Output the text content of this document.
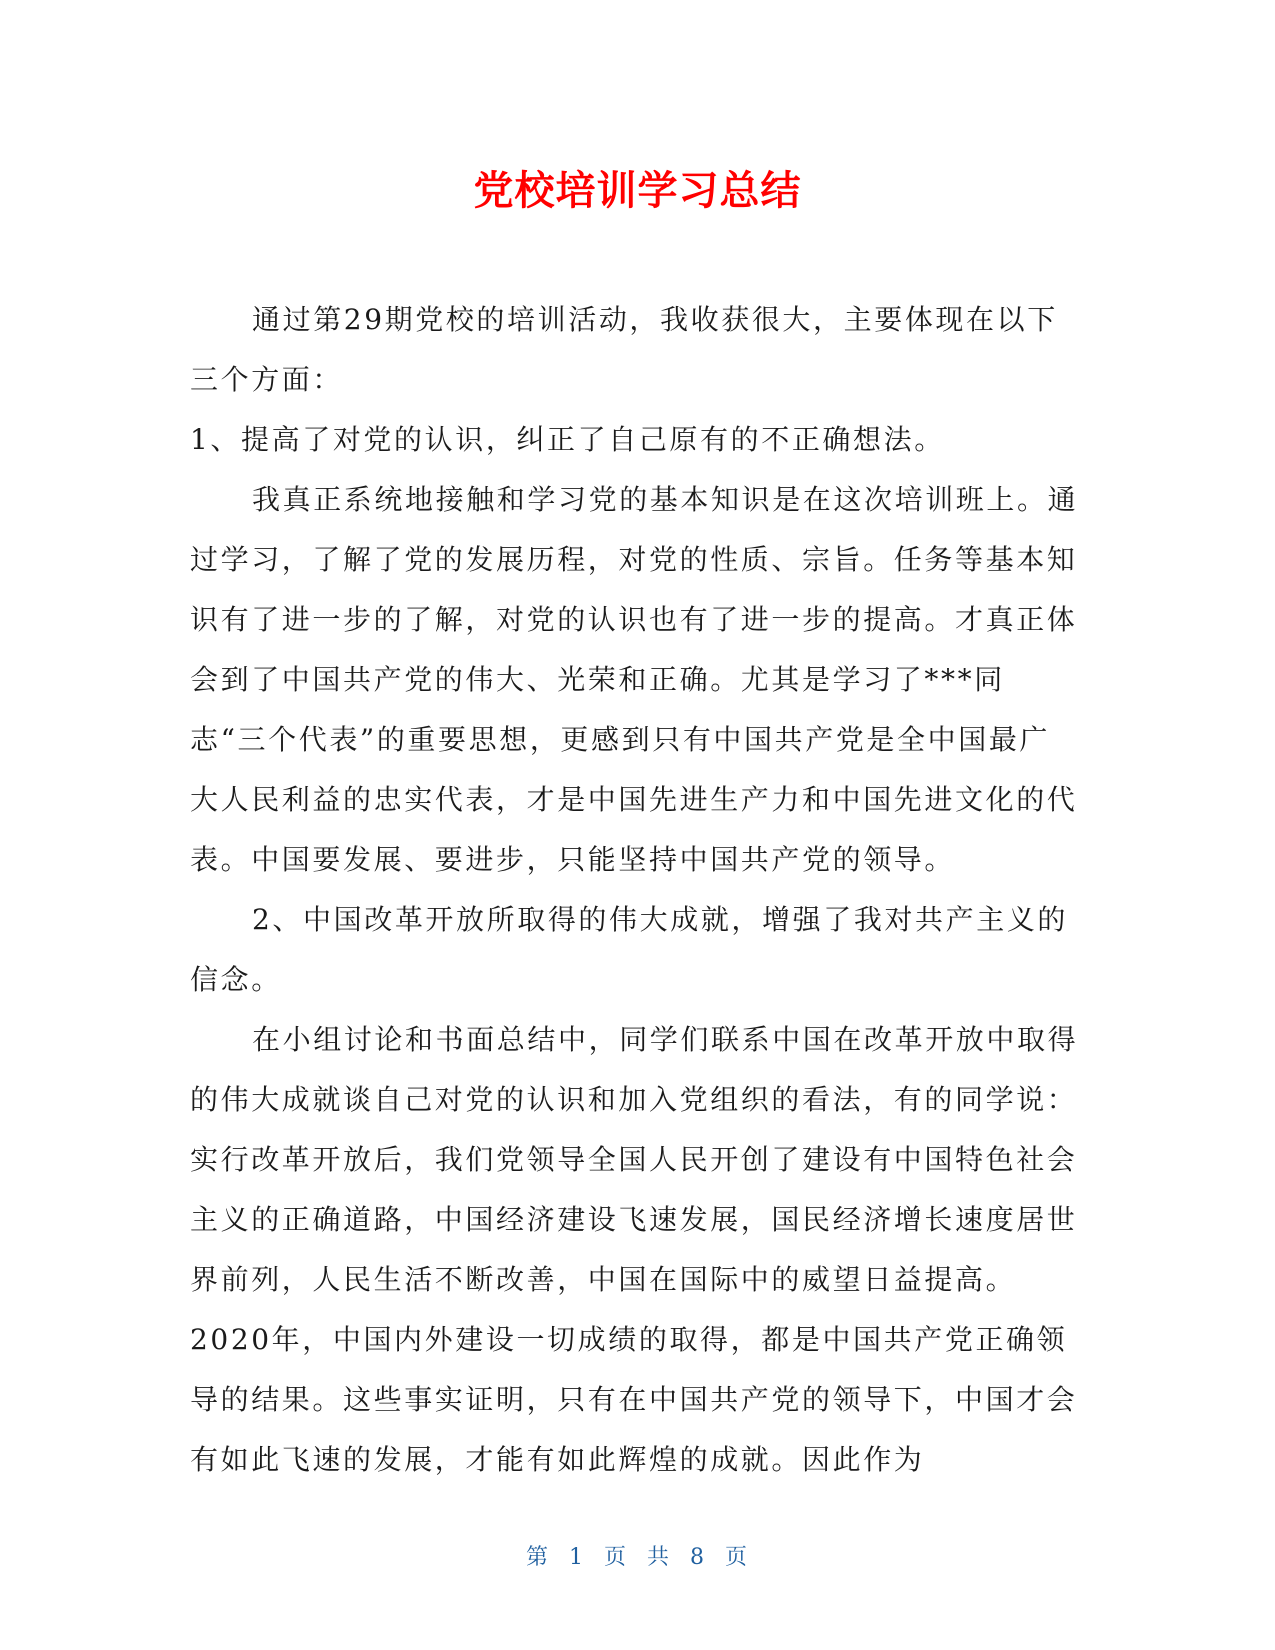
党校培训学习总结

通过第29期党校的培训活动，我收获很大，主要体现在以下三个方面：

1、提高了对党的认识，纠正了自己原有的不正确想法。

我真正系统地接触和学习党的基本知识是在这次培训班上。通过学习，了解了党的发展历程，对党的性质、宗旨。任务等基本知识有了进一步的了解，对党的认识也有了进一步的提高。才真正体会到了中国共产党的伟大、光荣和正确。尤其是学习了***同志“三个代表”的重要思想，更感到只有中国共产党是全中国最广大人民利益的忠实代表，才是中国先进生产力和中国先进文化的代表。中国要发展、要进步，只能坚持中国共产党的领导。

2、中国改革开放所取得的伟大成就，增强了我对共产主义的信念。

在小组讨论和书面总结中，同学们联系中国在改革开放中取得的伟大成就谈自己对党的认识和加入党组织的看法，有的同学说：实行改革开放后，我们党领导全国人民开创了建设有中国特色社会主义的正确道路，中国经济建设飞速发展，国民经济增长速度居世界前列，人民生活不断改善，中国在国际中的威望日益提高。2020年，中国内外建设一切成绩的取得，都是中国共产党正确领导的结果。这些事实证明，只有在中国共产党的领导下，中国才会有如此飞速的发展，才能有如此辉煌的成就。因此作为

第 1 页 共 8 页
